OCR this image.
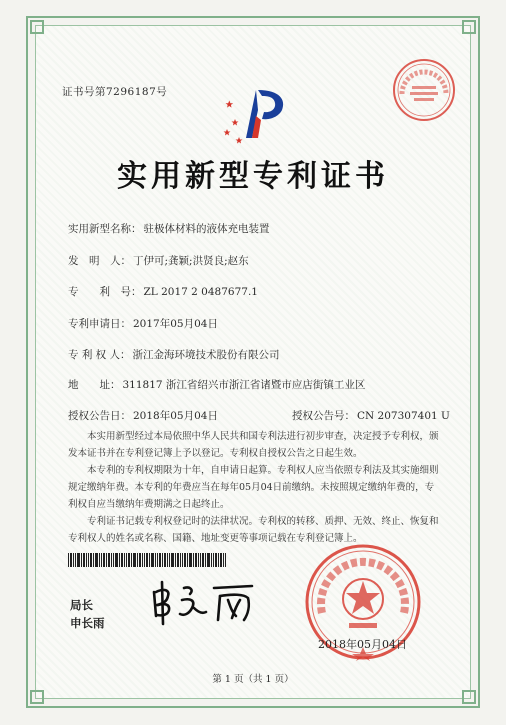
证书号第7296187号
实用新型专利证书
实用新型名称： 驻极体材料的液体充电装置
发　明　人： 丁伊可;龚颖;洪贤良;赵东
专　　利　号： ZL 2017 2 0487677.1
专利申请日： 2017年05月04日
专 利 权 人： 浙江金海环境技术股份有限公司
地　　址： 311817 浙江省绍兴市浙江省诸暨市应店街镇工业区
授权公告日： 2018年05月04日	授权公告号： CN 207307401 U
本实用新型经过本局依照中华人民共和国专利法进行初步审查，决定授予专利权，颁发本证书并在专利登记簿上予以登记。专利权自授权公告之日起生效。
本专利的专利权期限为十年，自申请日起算。专利权人应当依照专利法及其实施细则规定缴纳年费。本专利的年费应当在每年05月04日前缴纳。未按照规定缴纳年费的，专利权自应当缴纳年费期满之日起终止。
专利证书记载专利权登记时的法律状况。专利权的转移、质押、无效、终止、恢复和专利权人的姓名或名称、国籍、地址变更等事项记载在专利登记簿上。
局长
申长雨
2018年05月04日
第 1 页（共 1 页）
